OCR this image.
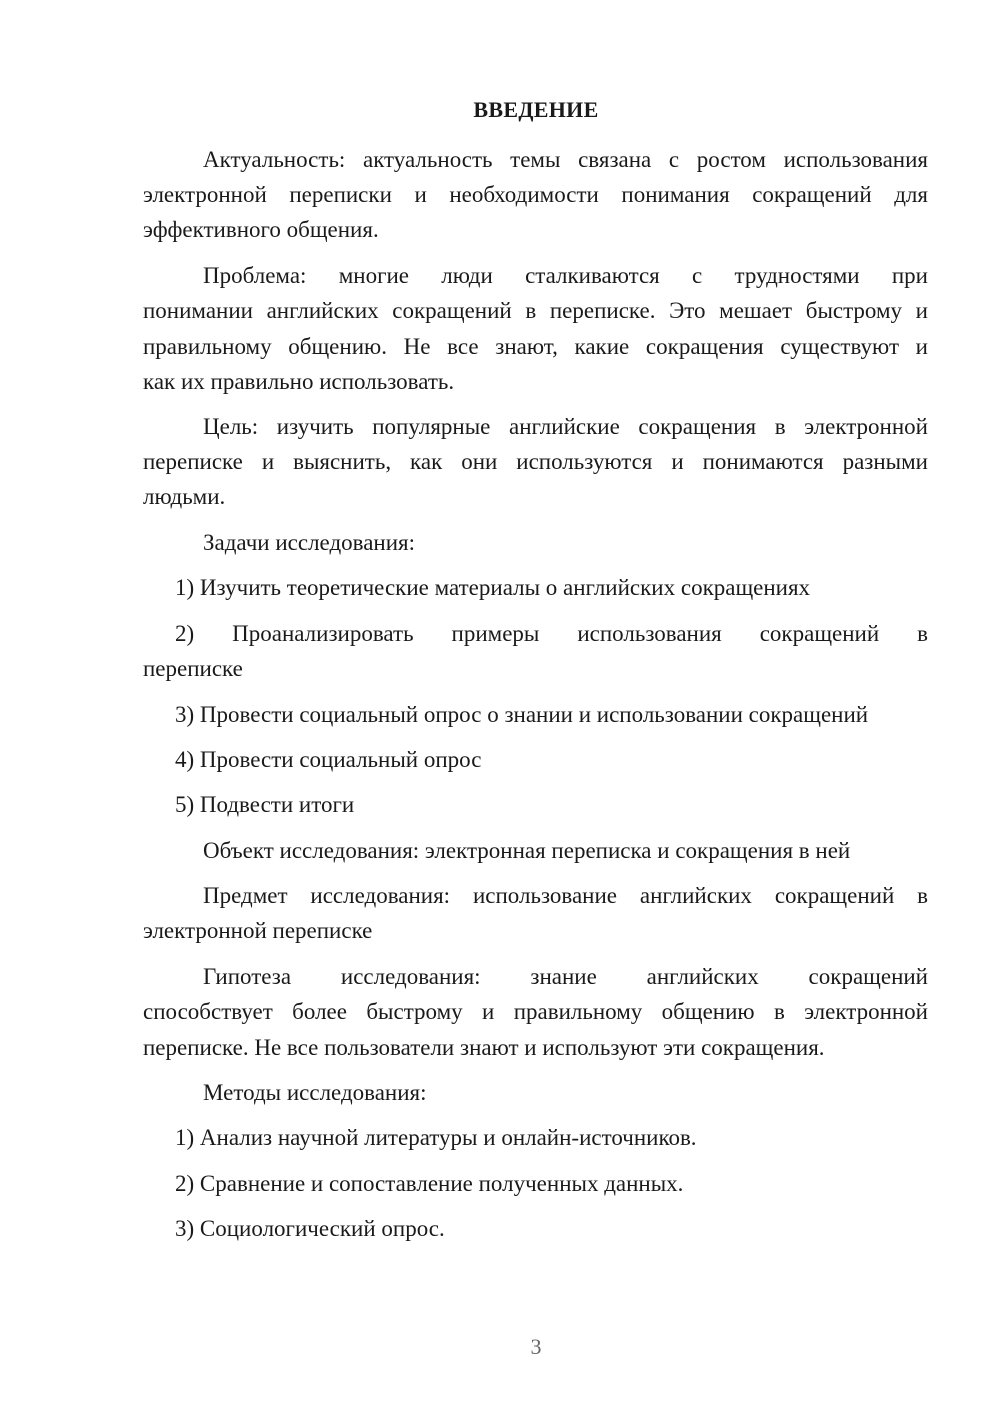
ВВЕДЕНИЕ
Актуальность: актуальность темы связана с ростом использования
электронной переписки и необходимости понимания сокращений для
эффективного общения.
Проблема: многие люди сталкиваются с трудностями при
понимании английских сокращений в переписке. Это мешает быстрому и
правильному общению. Не все знают, какие сокращения существуют и
как их правильно использовать.
Цель: изучить популярные английские сокращения в электронной
переписке и выяснить, как они используются и понимаются разными
людьми.
Задачи исследования:
1) Изучить теоретические материалы о английских сокращениях
2) Проанализировать примеры использования сокращений в
переписке
3) Провести социальный опрос о знании и использовании сокращений
4) Провести социальный опрос
5) Подвести итоги
Объект исследования: электронная переписка и сокращения в ней
Предмет исследования: использование английских сокращений в
электронной переписке
Гипотеза исследования: знание английских сокращений
способствует более быстрому и правильному общению в электронной
переписке. Не все пользователи знают и используют эти сокращения.
Методы исследования:
1) Анализ научной литературы и онлайн-источников.
2) Сравнение и сопоставление полученных данных.
3) Социологический опрос.
3
